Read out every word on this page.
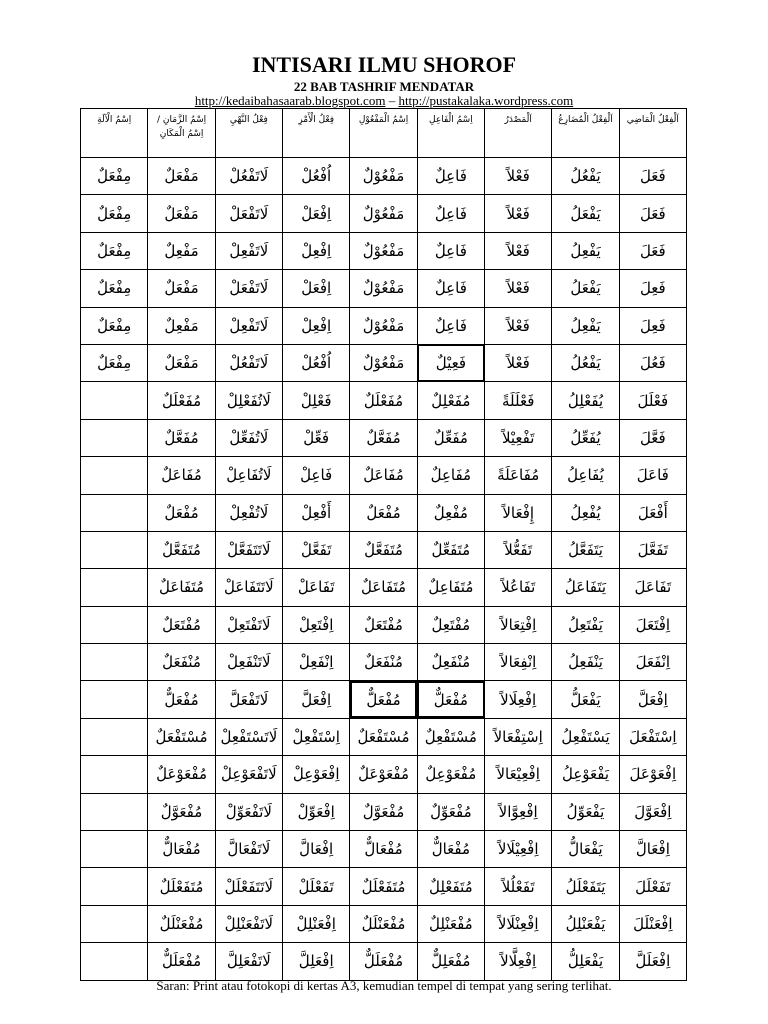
INTISARI ILMU SHOROF
22 BAB TASHRIF MENDATAR
http://kedaibahasaarab.blogspot.com – http://pustakalaka.wordpress.com
اَلْفِعْلُ الْمَاضِي	اَلْفِعْلُ الْمُضَارِعُ	اَلْمَصْدَرُ	اِسْمُ الْفَاعِلِ	اِسْمُ الْمَفْعُوْلِ	فِعْلُ الْأَمْرِ	فِعْلُ النَّهْيِ	اِسْمُ الزَّمَانِ / اِسْمُ الْمَكَانِ	اِسْمُ الْآلَةِ
فَعَلَ	يَفْعُلُ	فَعْلاً	فَاعِلٌ	مَفْعُوْلٌ	اُفْعُلْ	لَاتَفْعُلْ	مَفْعَلٌ	مِفْعَلٌ
فَعَلَ	يَفْعَلُ	فَعْلاً	فَاعِلٌ	مَفْعُوْلٌ	اِفْعَلْ	لَاتَفْعَلْ	مَفْعَلٌ	مِفْعَلٌ
فَعَلَ	يَفْعِلُ	فَعْلاً	فَاعِلٌ	مَفْعُوْلٌ	اِفْعِلْ	لَاتَفْعِلْ	مَفْعِلٌ	مِفْعَلٌ
فَعِلَ	يَفْعَلُ	فَعْلاً	فَاعِلٌ	مَفْعُوْلٌ	اِفْعَلْ	لَاتَفْعَلْ	مَفْعَلٌ	مِفْعَلٌ
فَعِلَ	يَفْعِلُ	فَعْلاً	فَاعِلٌ	مَفْعُوْلٌ	اِفْعِلْ	لَاتَفْعِلْ	مَفْعِلٌ	مِفْعَلٌ
فَعُلَ	يَفْعُلُ	فَعْلاً	فَعِيْلٌ	مَفْعُوْلٌ	اُفْعُلْ	لَاتَفْعُلْ	مَفْعَلٌ	مِفْعَلٌ
فَعْلَلَ	يُفَعْلِلُ	فَعْلَلَةً	مُفَعْلِلٌ	مُفَعْلَلٌ	فَعْلِلْ	لَاتُفَعْلِلْ	مُفَعْلَلٌ	
فَعَّلَ	يُفَعِّلُ	تَفْعِيْلاً	مُفَعِّلٌ	مُفَعَّلٌ	فَعِّلْ	لَاتُفَعِّلْ	مُفَعَّلٌ	
فَاعَلَ	يُفَاعِلُ	مُفَاعَلَةً	مُفَاعِلٌ	مُفَاعَلٌ	فَاعِلْ	لَاتُفَاعِلْ	مُفَاعَلٌ	
أَفْعَلَ	يُفْعِلُ	إِفْعَالاً	مُفْعِلٌ	مُفْعَلٌ	أَفْعِلْ	لَاتُفْعِلْ	مُفْعَلٌ	
تَفَعَّلَ	يَتَفَعَّلُ	تَفَعُّلاً	مُتَفَعِّلٌ	مُتَفَعَّلٌ	تَفَعَّلْ	لَاتَتَفَعَّلْ	مُتَفَعَّلٌ	
تَفَاعَلَ	يَتَفَاعَلُ	تَفَاعُلاً	مُتَفَاعِلٌ	مُتَفَاعَلٌ	تَفَاعَلْ	لَاتَتَفَاعَلْ	مُتَفَاعَلٌ	
اِفْتَعَلَ	يَفْتَعِلُ	اِفْتِعَالاً	مُفْتَعِلٌ	مُفْتَعَلٌ	اِفْتَعِلْ	لَاتَفْتَعِلْ	مُفْتَعَلٌ	
اِنْفَعَلَ	يَنْفَعِلُ	اِنْفِعَالاً	مُنْفَعِلٌ	مُنْفَعَلٌ	اِنْفَعِلْ	لَاتَنْفَعِلْ	مُنْفَعَلٌ	
اِفْعَلَّ	يَفْعَلُّ	اِفْعِلَالاً	مُفْعَلٌّ	مُفْعَلٌّ	اِفْعَلَّ	لَاتَفْعَلَّ	مُفْعَلٌّ	
اِسْتَفْعَلَ	يَسْتَفْعِلُ	اِسْتِفْعَالاً	مُسْتَفْعِلٌ	مُسْتَفْعَلٌ	اِسْتَفْعِلْ	لَاتَسْتَفْعِلْ	مُسْتَفْعَلٌ	
اِفْعَوْعَلَ	يَفْعَوْعِلُ	اِفْعِيْعَالاً	مُفْعَوْعِلٌ	مُفْعَوْعَلٌ	اِفْعَوْعِلْ	لَاتَفْعَوْعِلْ	مُفْعَوْعَلٌ	
اِفْعَوَّلَ	يَفْعَوِّلُ	اِفْعِوَّالاً	مُفْعَوِّلٌ	مُفْعَوَّلٌ	اِفْعَوِّلْ	لَاتَفْعَوِّلْ	مُفْعَوَّلٌ	
اِفْعَالَّ	يَفْعَالُّ	اِفْعِيْلَالاً	مُفْعَالٌّ	مُفْعَالٌّ	اِفْعَالَّ	لَاتَفْعَالَّ	مُفْعَالٌّ	
تَفَعْلَلَ	يَتَفَعْلَلُ	تَفَعْلُلاً	مُتَفَعْلِلٌ	مُتَفَعْلَلٌ	تَفَعْلَلْ	لَاتَتَفَعْلَلْ	مُتَفَعْلَلٌ	
اِفْعَنْلَلَ	يَفْعَنْلِلُ	اِفْعِنْلَالاً	مُفْعَنْلِلٌ	مُفْعَنْلَلٌ	اِفْعَنْلِلْ	لَاتَفْعَنْلِلْ	مُفْعَنْلَلٌ	
اِفْعَلَلَّ	يَفْعَلِلُّ	اِفْعِلَّالاً	مُفْعَلِلٌّ	مُفْعَلَلٌّ	اِفْعَلِلَّ	لَاتَفْعَلِلَّ	مُفْعَلَلٌّ	
Saran: Print atau fotokopi di kertas A3, kemudian tempel di tempat yang sering terlihat.
